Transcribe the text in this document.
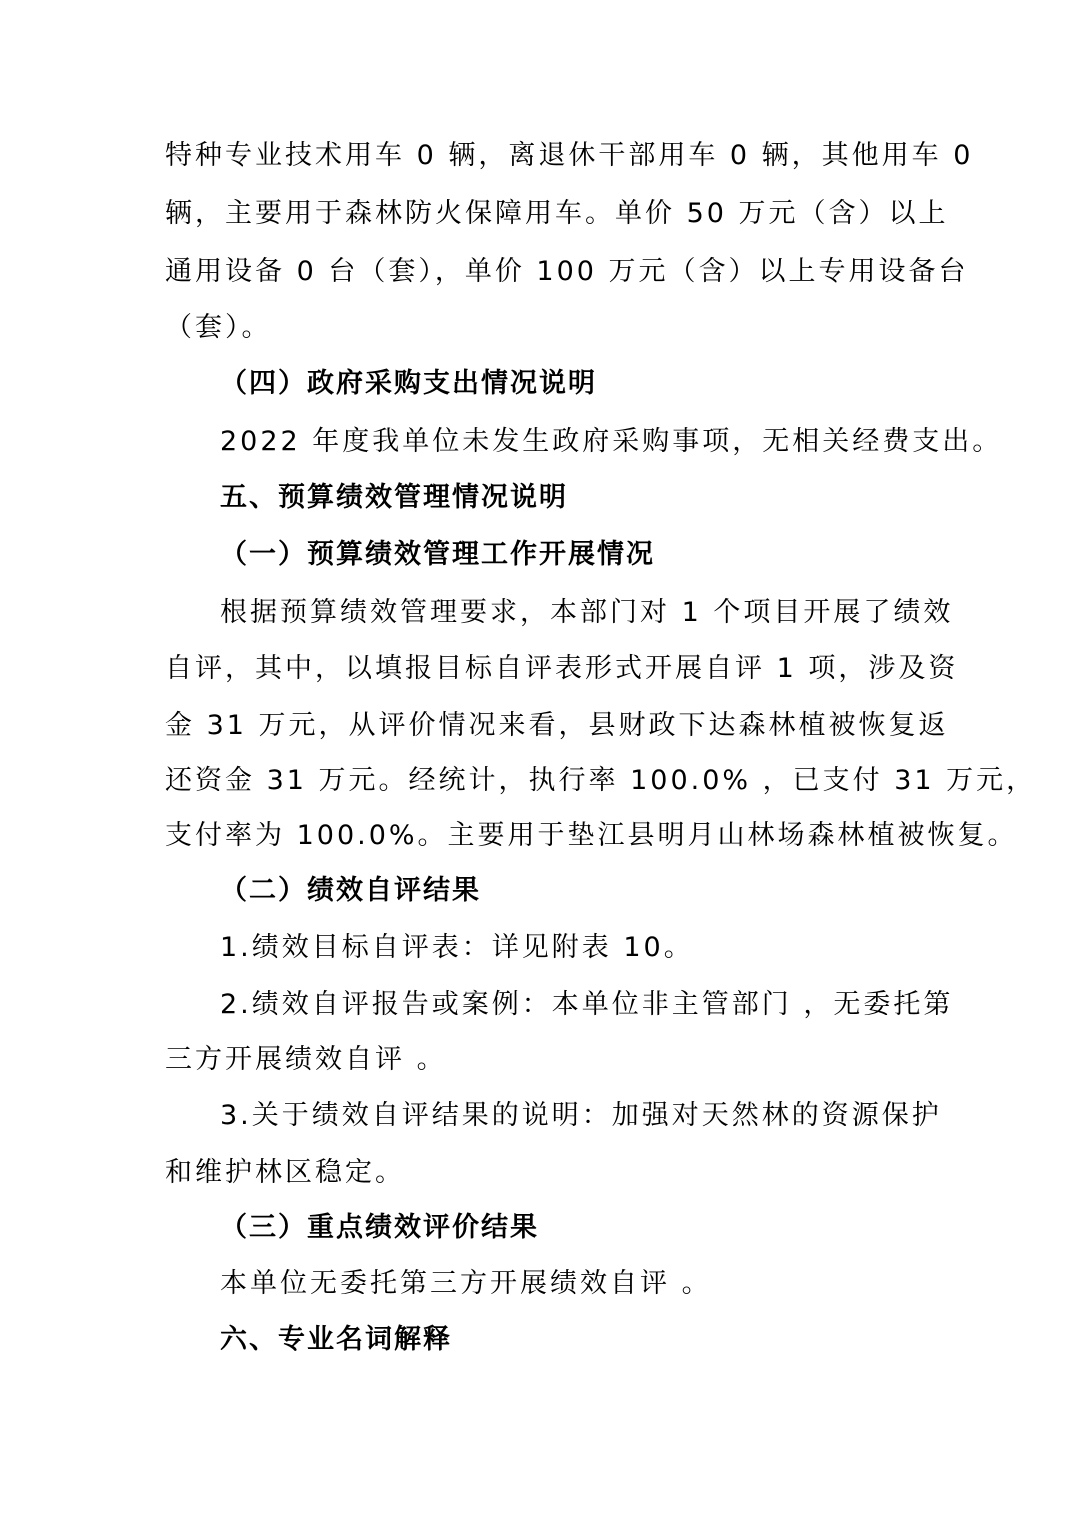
特种专业技术用车 0 辆，离退休干部用车 0 辆，其他用车 0
辆，主要用于森林防火保障用车。单价 50 万元（含）以上
通用设备 0 台（套），单价 100 万元（含）以上专用设备台
（套）。
（四）政府采购支出情况说明
2022 年度我单位未发生政府采购事项，无相关经费支出。
五、预算绩效管理情况说明
（一）预算绩效管理工作开展情况
根据预算绩效管理要求，本部门对 1 个项目开展了绩效
自评，其中，以填报目标自评表形式开展自评 1 项，涉及资
金 31 万元，从评价情况来看，县财政下达森林植被恢复返
还资金 31 万元。经统计，执行率 100.0% ，已支付 31 万元，
支付率为 100.0%。主要用于垫江县明月山林场森林植被恢复。
（二）绩效自评结果
1.绩效目标自评表：详见附表 10。
2.绩效自评报告或案例：本单位非主管部门 ，无委托第
三方开展绩效自评 。
3.关于绩效自评结果的说明：加强对天然林的资源保护
和维护林区稳定。
（三）重点绩效评价结果
本单位无委托第三方开展绩效自评 。
六、专业名词解释
